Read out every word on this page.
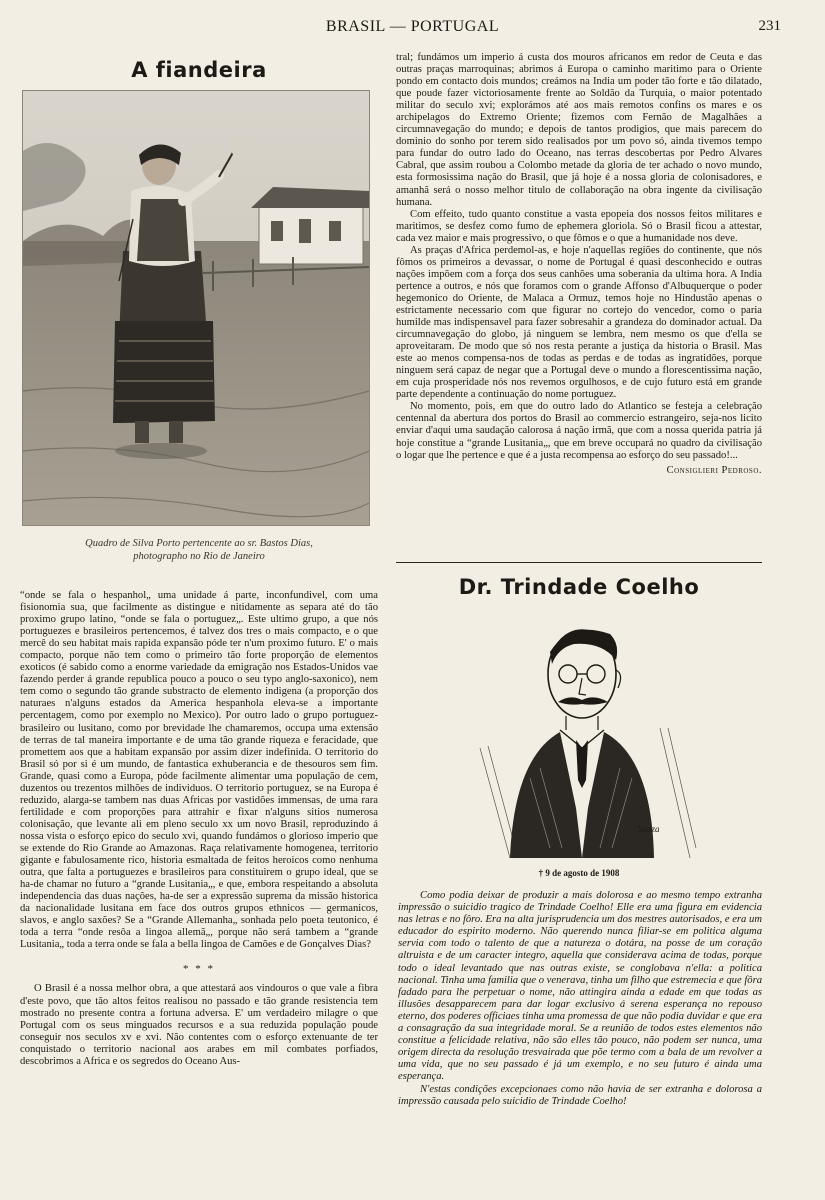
BRASIL — PORTUGAL	231
A fiandeira
Quadro de Silva Porto pertencente ao sr. Bastos Dias,
photographo no Rio de Janeiro

“onde se fala o hespanhol„ uma unidade á parte, inconfundivel, com uma fisionomia sua, que facilmente as distingue e nitidamente as separa até do tão proximo grupo latino, “onde se fala o portuguez„. Este ultimo grupo, a que nós portuguezes e brasileiros pertencemos, é talvez dos tres o mais compacto, e o que mercê do seu habitat mais rapida expansão póde ter n'um proximo futuro. E' o mais compacto, porque não tem como o primeiro tão forte proporção de elementos exoticos (é sabido como a enorme variedade da emigração nos Estados-Unidos vae fazendo perder á grande republica pouco a pouco o seu typo anglo-saxonico), nem tem como o segundo tão grande substracto de elemento indigena (a proporção dos naturaes n'alguns estados da America hespanhola eleva-se a importante percentagem, como por exemplo no Mexico). Por outro lado o grupo portuguez-brasileiro ou lusitano, como por brevidade lhe chamaremos, occupa uma extensão de terras de tal maneira importante e de uma tão grande riqueza e feracidade, que promettem aos que a habitam expansão por assim dizer indefinida. O territorio do Brasil só por si é um mundo, de fantastica exhuberancia e de thesouros sem fim. Grande, quasi como a Europa, póde facilmente alimentar uma população de cem, duzentos ou trezentos milhões de individuos. O territorio portuguez, se na Europa é reduzido, alarga-se tambem nas duas Africas por vastidões immensas, de uma rara fertilidade e com proporções para attrahir e fixar n'alguns sitios numerosa colonisação, que levante ali em pleno seculo xx um novo Brasil, reproduzindo á nossa vista o esforço epico do seculo xvi, quando fundámos o glorioso imperio que se extende do Rio Grande ao Amazonas. Raça relativamente homogenea, territorio gigante e fabulosamente rico, historia esmaltada de feitos heroicos como nenhuma outra, que falta a portuguezes e brasileiros para constituirem o grupo ideal, que se ha-de chamar no futuro a “grande Lusitania„, e que, embora respeitando a absoluta independencia das duas nações, ha-de ser a expressão suprema da missão historica da nacionalidade lusitana em face dos outros grupos ethnicos — germanicos, slavos, e anglo saxões? Se a “Grande Allemanha„ sonhada pelo poeta teutonico, é toda a terra “onde resôa a lingoa allemã„, porque não será tambem a “grande Lusitania„ toda a terra onde se fala a bella lingoa de Camões e de Gonçalves Dias?

* * *

O Brasil é a nossa melhor obra, a que attestará aos vindouros o que vale a fibra d'este povo, que tão altos feitos realisou no passado e tão grande resistencia tem mostrado no presente contra a fortuna adversa. E' um verdadeiro milagre o que Portugal com os seus minguados recursos e a sua reduzida população poude conseguir nos seculos xv e xvi. Não contentes com o esforço extenuante de ter conquistado o territorio nacional aos arabes em mil combates porfiados, descobrimos a Africa e os segredos do Oceano Aus-

tral; fundámos um imperio á custa dos mouros africanos em redor de Ceuta e das outras praças marroquinas; abrimos á Europa o caminho maritimo para o Oriente pondo em contacto dois mundos; creámos na India um poder tão forte e tão dilatado, que poude fazer victoriosamente frente ao Soldão da Turquia, o maior potentado militar do seculo xvi; explorámos até aos mais remotos confins os mares e os archipelagos do Extremo Oriente; fizemos com Fernão de Magalhães a circumnavegação do mundo; e depois de tantos prodigios, que mais parecem do dominio do sonho por terem sido realisados por um povo só, ainda tivemos tempo para fundar do outro lado do Oceano, nas terras descobertas por Pedro Alvares Cabral, que assim roubou a Colombo metade da gloria de ter achado o novo mundo, esta formosissima nação do Brasil, que já hoje é a nossa gloria de colonisadores, e amanhã será o nosso melhor titulo de collaboração na obra ingente da civilisação humana.

Com effeito, tudo quanto constitue a vasta epopeia dos nossos feitos militares e maritimos, se desfez como fumo de ephemera gloriola. Só o Brasil ficou a attestar, cada vez maior e mais progressivo, o que fômos e o que a humanidade nos deve.

As praças d'Africa perdemol-as, e hoje n'aquellas regiões do continente, que nós fômos os primeiros a devassar, o nome de Portugal é quasi desconhecido e outras nações impõem com a força dos seus canhões uma soberania da ultima hora. A India pertence a outros, e nós que foramos com o grande Affonso d'Albuquerque o poder hegemonico do Oriente, de Malaca a Ormuz, temos hoje no Hindustão apenas o estrictamente necessario com que figurar no cortejo do vencedor, como o paria humilde mas indispensavel para fazer sobresahir a grandeza do dominador actual. Da circumnavegação do globo, já ninguem se lembra, nem mesmo os que d'ella se aproveitaram. De modo que só nos resta perante a justiça da historia o Brasil. Mas este ao menos compensa-nos de todas as perdas e de todas as ingratidões, porque ninguem será capaz de negar que a Portugal deve o mundo a florescentissima nação, em cuja prosperidade nós nos revemos orgulhosos, e de cujo futuro está em grande parte dependente a continuação do nome portuguez.

No momento, pois, em que do outro lado do Atlantico se festeja a celebração centennal da abertura dos portos do Brasil ao commercio estrangeiro, seja-nos licito enviar d'aqui uma saudação calorosa á nação irmã, que com a nossa querida patria já hoje constitue a “grande Lusitania„, que em breve occupará no quadro da civilisação o logar que lhe pertence e que é a justa recompensa ao esforço do seu passado!...

Consiglieri Pedroso.
Dr. Trindade Coelho
Souza
† 9 de agosto de 1908

Como podia deixar de produzir a mais dolorosa e ao mesmo tempo extranha impressão o suicidio tragico de Trindade Coelho! Elle era uma figura em evidencia nas letras e no fôro. Era na alta jurisprudencia um dos mestres autorisados, e era um educador do espirito moderno. Não querendo nunca filiar-se em politica alguma servia com todo o talento de que a natureza o dotára, na posse de um coração altruista e de um caracter integro, aquella que considerava acima de todas, porque todo o ideal levantado que nas outras existe, se conglobava n'ella: a politica nacional. Tinha uma familia que o venerava, tinha um filho que estremecia e que fôra fadado para lhe perpetuar o nome, não attingira ainda a edade em que todas as illusões desapparecem para dar logar exclusivo á serena esperança no repouso eterno, dos poderes officiaes tinha uma promessa de que não podia duvidar e que era a consagração da sua integridade moral. Se a reunião de todos estes elementos não constitue a felicidade relativa, não são elles tão pouco, não podem ser nunca, uma origem directa da resolução tresvairada que põe termo com a bala de um revolver a uma vida, que no seu passado é já um exemplo, e no seu futuro é ainda uma esperança.

N'estas condições excepcionaes como não havia de ser extranha e dolorosa a impressão causada pelo suicidio de Trindade Coelho!
